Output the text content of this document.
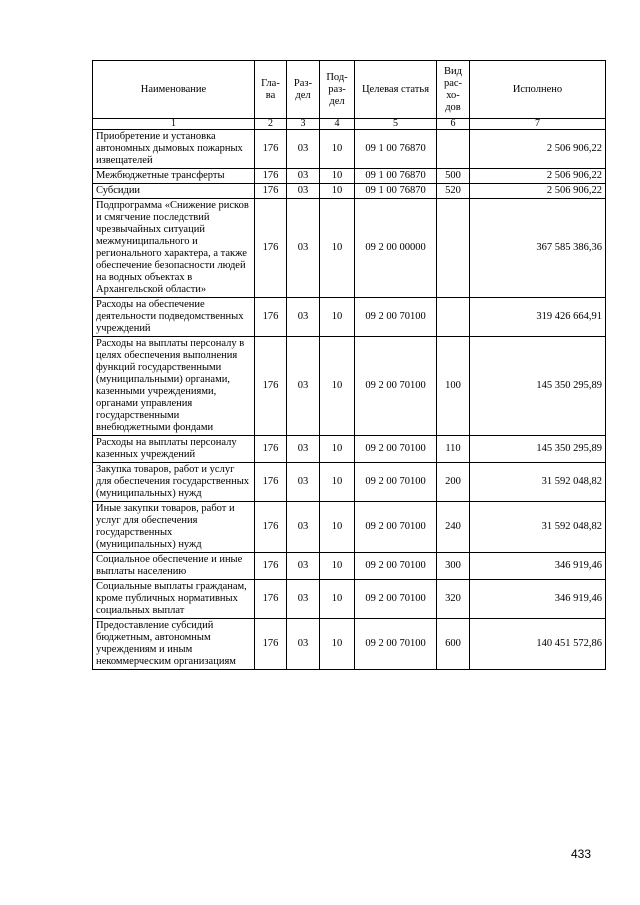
Наименование	Гла-ва	Раз-дел	Под-раз-дел	Целевая статья	Вид рас-хо-дов	Исполнено
1	2	3	4	5	6	7
Приобретение и установка автономных дымовых пожарных извещателей	176	03	10	09 1 00 76870		2 506 906,22
Межбюджетные трансферты	176	03	10	09 1 00 76870	500	2 506 906,22
Субсидии	176	03	10	09 1 00 76870	520	2 506 906,22
Подпрограмма «Снижение рисков и смягчение последствий чрезвычайных ситуаций межмуниципального и регионального характера, а также обеспечение безопасности людей на водных объектах в Архангельской области»	176	03	10	09 2 00 00000		367 585 386,36
Расходы на обеспечение деятельности подведомственных учреждений	176	03	10	09 2 00 70100		319 426 664,91
Расходы на выплаты персоналу в целях обеспечения выполнения функций государственными (муниципальными) органами, казенными учреждениями, органами управления государственными внебюджетными фондами	176	03	10	09 2 00 70100	100	145 350 295,89
Расходы на выплаты персоналу казенных учреждений	176	03	10	09 2 00 70100	110	145 350 295,89
Закупка товаров, работ и услуг для обеспечения государственных (муниципальных) нужд	176	03	10	09 2 00 70100	200	31 592 048,82
Иные закупки товаров, работ и услуг для обеспечения государственных (муниципальных) нужд	176	03	10	09 2 00 70100	240	31 592 048,82
Социальное обеспечение и иные выплаты населению	176	03	10	09 2 00 70100	300	346 919,46
Социальные выплаты гражданам, кроме публичных нормативных социальных выплат	176	03	10	09 2 00 70100	320	346 919,46
Предоставление субсидий бюджетным, автономным учреждениям и иным некоммерческим организациям	176	03	10	09 2 00 70100	600	140 451 572,86
433
